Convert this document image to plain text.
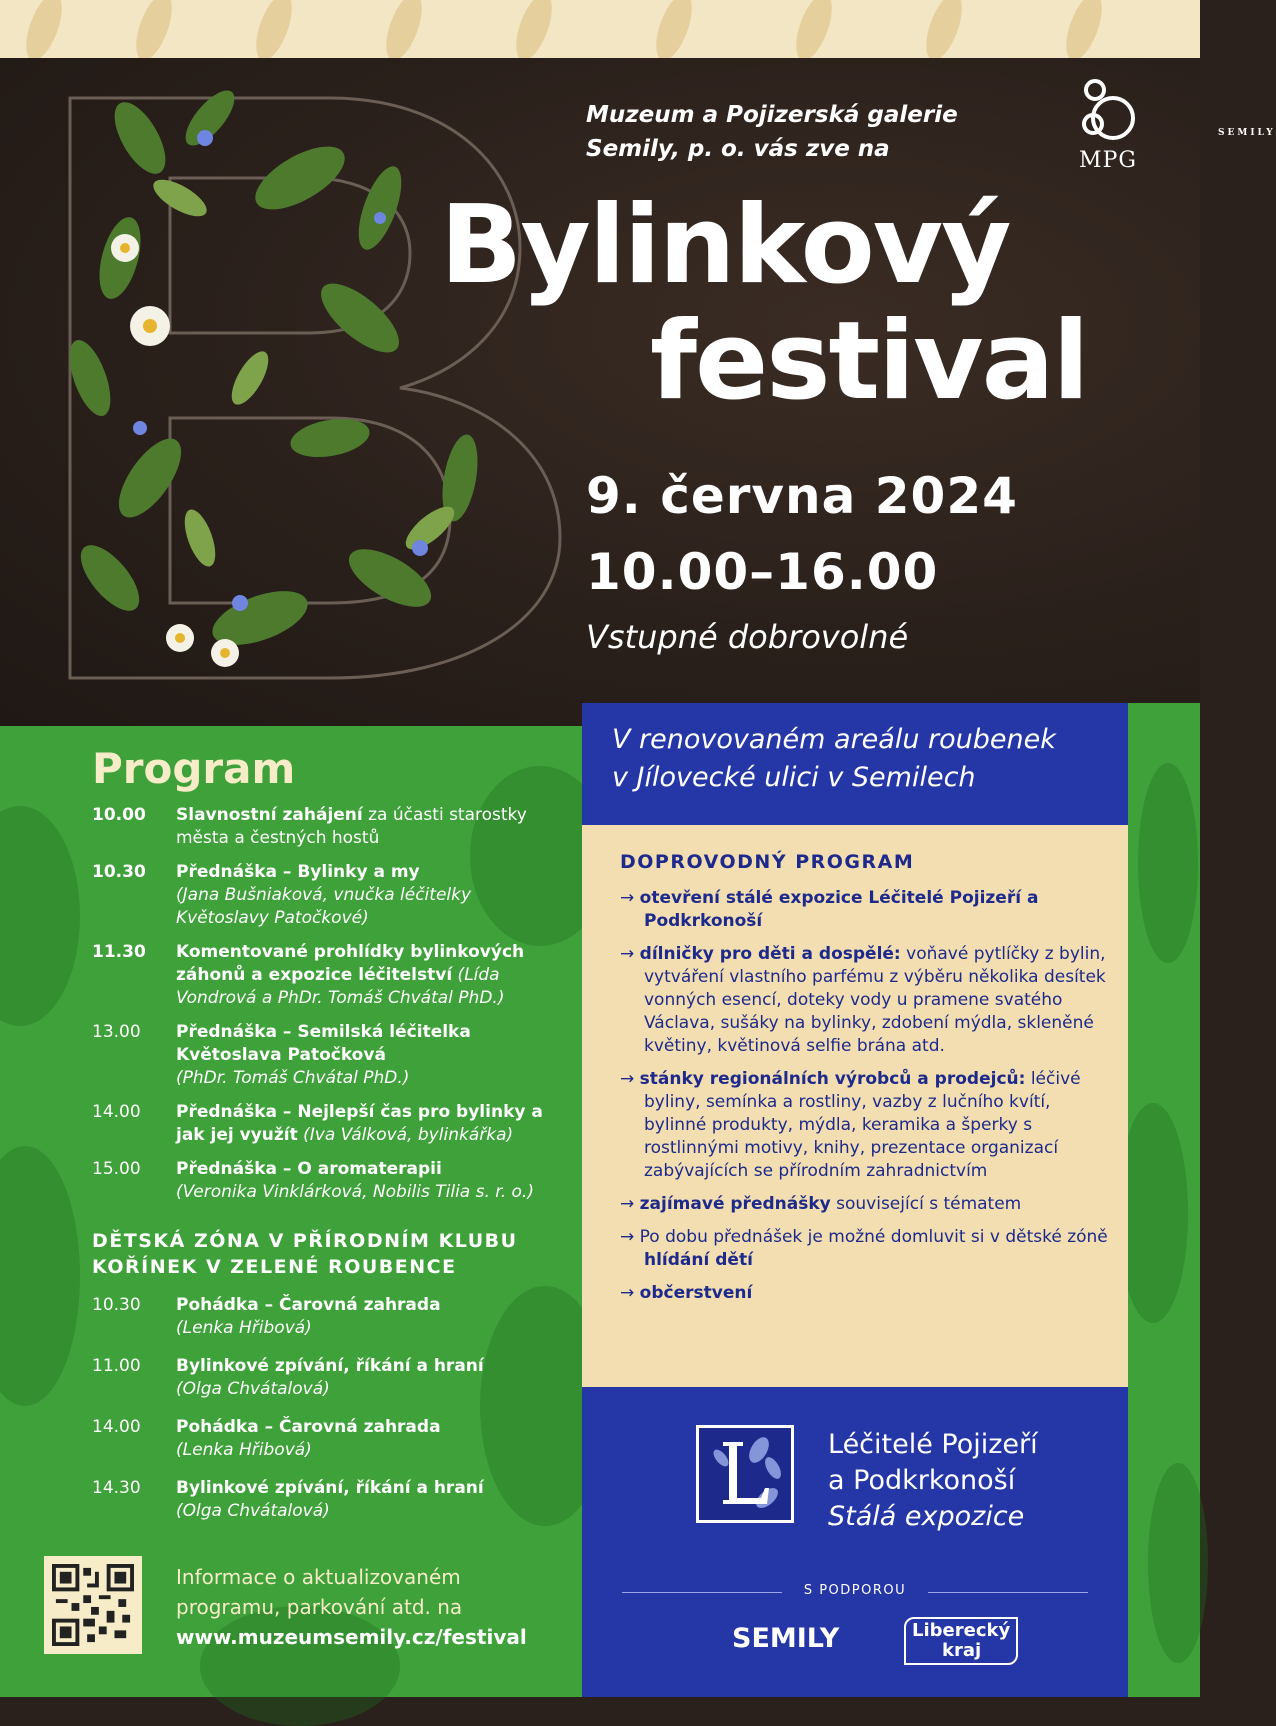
Muzeum a Pojizerská galerie
Semily, p. o. vás zve na	MPG
SEMILY
Bylinkový
festival
9. června 2024
10.00–16.00
Vstupné dobrovolné
Program
10.00	Slavnostní zahájení za účasti starostky města a čestných hostů
10.30	Přednáška – Bylinky a my
(Jana Bušniaková, vnučka léčitelky Květoslavy Patočkové)
11.30	Komentované prohlídky bylinkových záhonů a expozice léčitelství (Lída Vondrová a PhDr. Tomáš Chvátal PhD.)
13.00	Přednáška – Semilská léčitelka Květoslava Patočková
(PhDr. Tomáš Chvátal PhD.)
14.00	Přednáška – Nejlepší čas pro bylinky a jak jej využít (Iva Válková, bylinkářka)
15.00	Přednáška – O aromaterapii
(Veronika Vinklárková, Nobilis Tilia s. r. o.)
DĚTSKÁ ZÓNA V PŘÍRODNÍM KLUBU
KOŘÍNEK V ZELENÉ ROUBENCE
10.30	Pohádka – Čarovná zahrada
(Lenka Hřibová)
11.00	Bylinkové zpívání, říkání a hraní
(Olga Chvátalová)
14.00	Pohádka – Čarovná zahrada
(Lenka Hřibová)
14.30	Bylinkové zpívání, říkání a hraní
(Olga Chvátalová)
Informace o aktualizovaném
programu, parkování atd. na
www.muzeumsemily.cz/festival
V renovovaném areálu roubenek
v Jílovecké ulici v Semilech
DOPROVODNÝ PROGRAM
→ otevření stálé expozice Léčitelé Pojizeří a Podkrkonoší
→ dílničky pro děti a dospělé: voňavé pytlíčky z bylin, vytváření vlastního parfému z výběru několika desítek vonných esencí, doteky vody u pramene svatého Václava, sušáky na bylinky, zdobení mýdla, skleněné květiny, květinová selfie brána atd.
→ stánky regionálních výrobců a prodejců: léčivé byliny, semínka a rostliny, vazby z lučního kvítí, bylinné produkty, mýdla, keramika a šperky s rostlinnými motivy, knihy, prezentace organizací zabývajících se přírodním zahradnictvím
→ zajímavé přednášky související s tématem
→ Po dobu přednášek je možné domluvit si v dětské zóně hlídání dětí
→ občerstvení
Léčitelé Pojizeří
a Podkrkonoší
Stálá expozice
S PODPOROU
SEMILY	Liberecký
kraj
